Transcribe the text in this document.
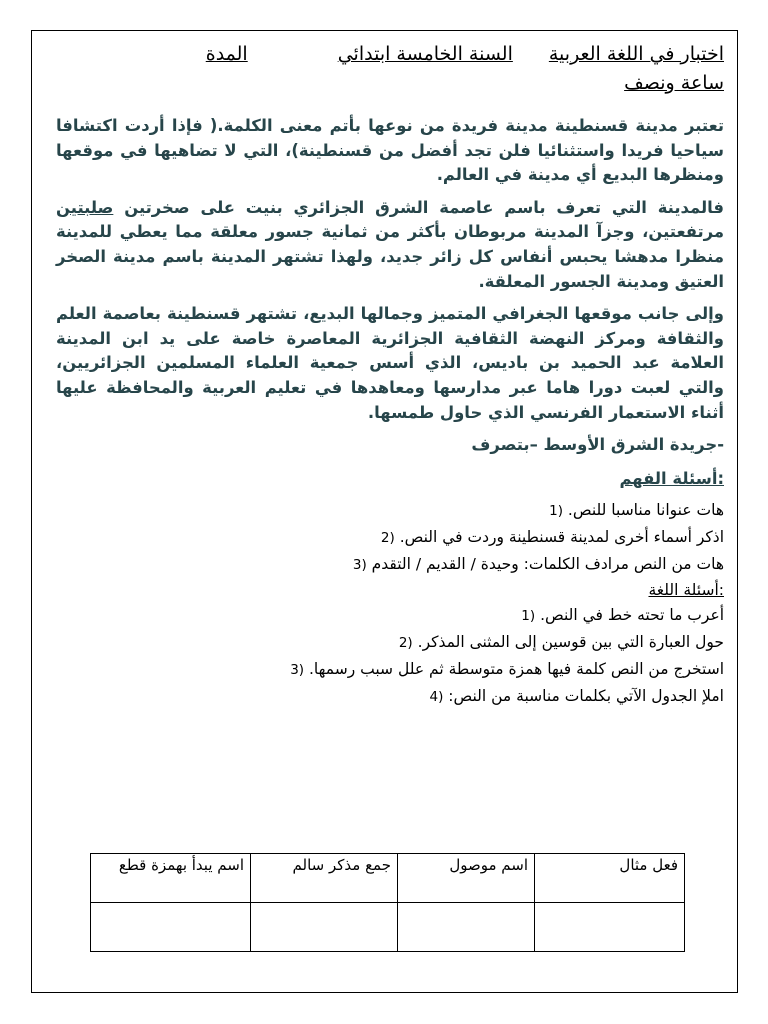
اختبار في اللغة العربيةالسنة الخامسة ابتدائيالمدة
ساعة ونصف

تعتبر مدينة قسنطينة مدينة فريدة من نوعها بأتم معنى الكلمة.( فإذا أردت اكتشافا سياحيا فريدا واستثنائيا فلن تجد أفضل من قسنطينة)، التي لا تضاهيها في موقعها ومنظرها البديع أي مدينة في العالم.

فالمدينة التي تعرف باسم عاصمة الشرق الجزائري بنيت على صخرتين صلبتين مرتفعتين، وجزآ المدينة مربوطان بأكثر من ثمانية جسور معلقة مما يعطي للمدينة منظرا مدهشا يحبس أنفاس كل زائر جديد، ولهذا تشتهر المدينة باسم مدينة الصخر العتيق ومدينة الجسور المعلقة.

وإلى جانب موقعها الجغرافي المتميز وجمالها البديع، تشتهر قسنطينة بعاصمة العلم والثقافة ومركز النهضة الثقافية الجزائرية المعاصرة خاصة على يد ابن المدينة العلامة عبد الحميد بن باديس، الذي أسس جمعية العلماء المسلمين الجزائريين، والتي لعبت دورا هاما عبر مدارسها ومعاهدها في تعليم العربية والمحافظة عليها أثناء الاستعمار الفرنسي الذي حاول طمسها.

-جريدة الشرق الأوسط –بتصرف

:أسئلة الفهم

1) .هات عنوانا مناسبا للنص

2) .اذكر أسماء أخرى لمدينة قسنطينة وردت في النص

3) هات من النص مرادف الكلمات: وحيدة / القديم / التقدم

:أسئلة اللغة

1) .أعرب ما تحته خط في النص

2) .حول العبارة التي بين قوسين إلى المثنى المذكر

3) .استخرج من النص كلمة فيها همزة متوسطة ثم علل سبب رسمها

4) :املإ الجدول الآتي بكلمات مناسبة من النص

فعل مثال	اسم موصول	جمع مذكر سالم	اسم يبدأ بهمزة قطع
